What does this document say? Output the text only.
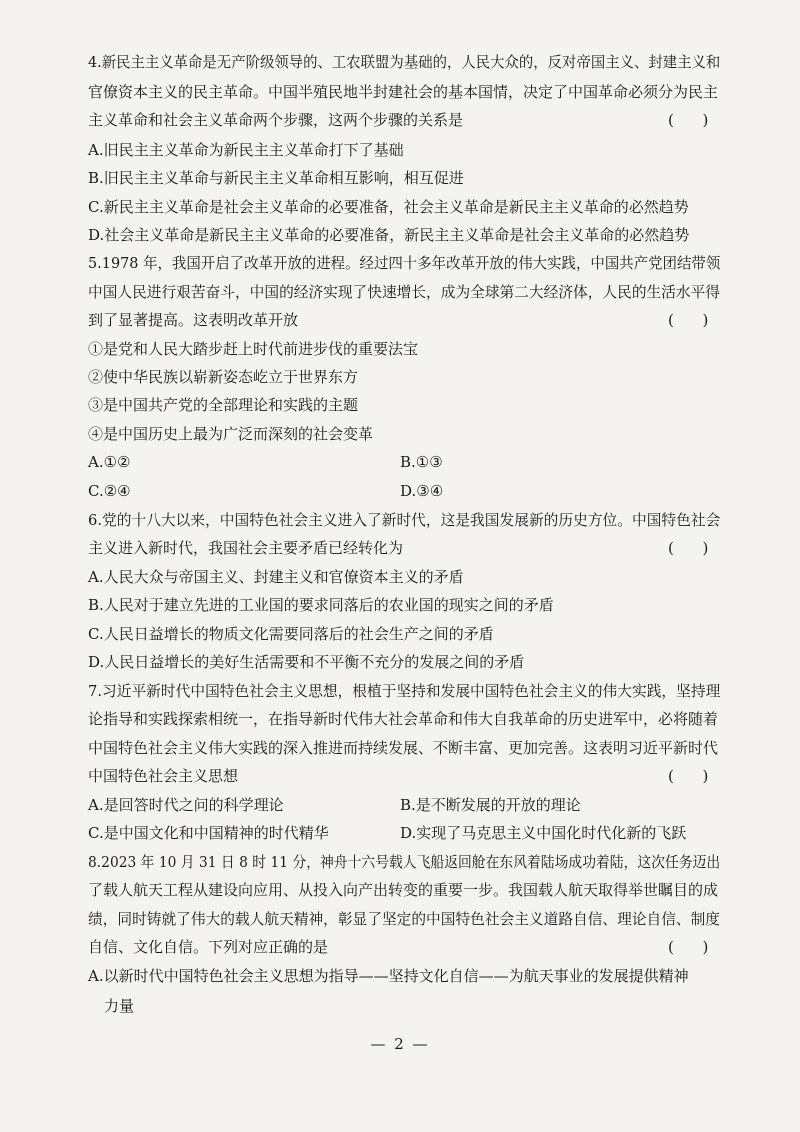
4.新民主主义革命是无产阶级领导的、工农联盟为基础的，人民大众的，反对帝国主义、封建主义和
官僚资本主义的民主革命。中国半殖民地半封建社会的基本国情，决定了中国革命必须分为民主
主义革命和社会主义革命两个步骤，这两个步骤的关系是	(      )
A.旧民主主义革命为新民主主义革命打下了基础
B.旧民主主义革命与新民主主义革命相互影响，相互促进
C.新民主主义革命是社会主义革命的必要准备，社会主义革命是新民主主义革命的必然趋势
D.社会主义革命是新民主主义革命的必要准备，新民主主义革命是社会主义革命的必然趋势
5.1978 年，我国开启了改革开放的进程。经过四十多年改革开放的伟大实践，中国共产党团结带领
中国人民进行艰苦奋斗，中国的经济实现了快速增长，成为全球第二大经济体，人民的生活水平得
到了显著提高。这表明改革开放	(      )
①是党和人民大踏步赶上时代前进步伐的重要法宝
②使中华民族以崭新姿态屹立于世界东方
③是中国共产党的全部理论和实践的主题
④是中国历史上最为广泛而深刻的社会变革
A.①②	B.①③
C.②④	D.③④
6.党的十八大以来，中国特色社会主义进入了新时代，这是我国发展新的历史方位。中国特色社会
主义进入新时代，我国社会主要矛盾已经转化为	(      )
A.人民大众与帝国主义、封建主义和官僚资本主义的矛盾
B.人民对于建立先进的工业国的要求同落后的农业国的现实之间的矛盾
C.人民日益增长的物质文化需要同落后的社会生产之间的矛盾
D.人民日益增长的美好生活需要和不平衡不充分的发展之间的矛盾
7.习近平新时代中国特色社会主义思想，根植于坚持和发展中国特色社会主义的伟大实践，坚持理
论指导和实践探索相统一，在指导新时代伟大社会革命和伟大自我革命的历史进军中，必将随着
中国特色社会主义伟大实践的深入推进而持续发展、不断丰富、更加完善。这表明习近平新时代
中国特色社会主义思想	(      )
A.是回答时代之问的科学理论	B.是不断发展的开放的理论
C.是中国文化和中国精神的时代精华	D.实现了马克思主义中国化时代化新的飞跃
8.2023 年 10 月 31 日 8 时 11 分，神舟十六号载人飞船返回舱在东风着陆场成功着陆，这次任务迈出
了载人航天工程从建设向应用、从投入向产出转变的重要一步。我国载人航天取得举世瞩目的成
绩，同时铸就了伟大的载人航天精神，彰显了坚定的中国特色社会主义道路自信、理论自信、制度
自信、文化自信。下列对应正确的是	(      )
A.以新时代中国特色社会主义思想为指导——坚持文化自信——为航天事业的发展提供精神
力量
— 2 —
